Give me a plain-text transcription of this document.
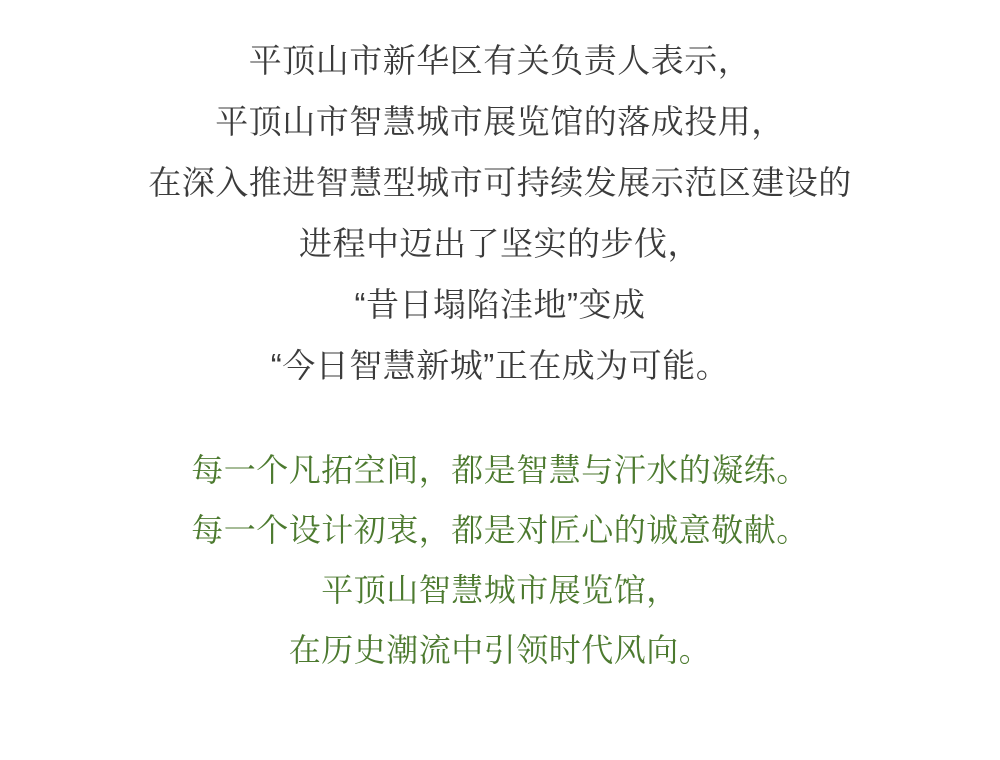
平顶山市新华区有关负责人表示，
平顶山市智慧城市展览馆的落成投用，
在深入推进智慧型城市可持续发展示范区建设的
进程中迈出了坚实的步伐，
“昔日塌陷洼地”变成
“今日智慧新城”正在成为可能。
每一个凡拓空间，都是智慧与汗水的凝练。
每一个设计初衷，都是对匠心的诚意敬献。
平顶山智慧城市展览馆，
在历史潮流中引领时代风向。
